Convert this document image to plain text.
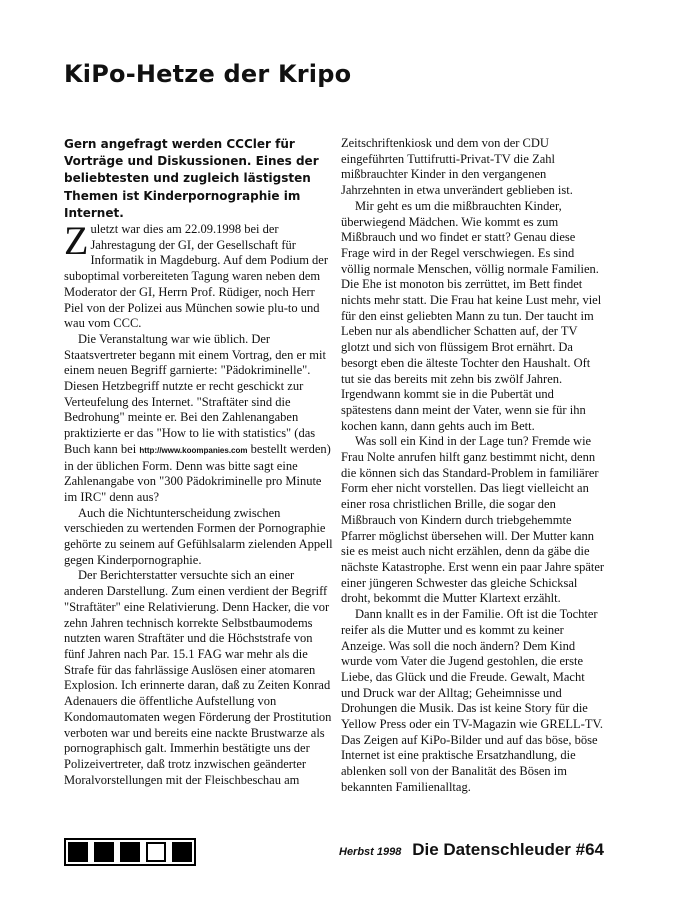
KiPo-Hetze der Kripo

Gern angefragt werden CCCler für Vorträge und Diskussionen. Eines der beliebtesten und zugleich lästigsten Themen ist Kinderpornographie im Internet.

Zuletzt war dies am 22.09.1998 bei der Jahrestagung der GI, der Gesellschaft für Informatik in Magdeburg. Auf dem Podium der suboptimal vorbereiteten Tagung waren neben dem Moderator der GI, Herrn Prof. Rüdiger, noch Herr Piel von der Polizei aus München sowie plu-to und wau vom CCC.

Die Veranstaltung war wie üblich. Der Staatsvertreter begann mit einem Vortrag, den er mit einem neuen Begriff garnierte: "Pädokriminelle". Diesen Hetzbegriff nutzte er recht geschickt zur Verteufelung des Internet. "Straftäter sind die Bedrohung" meinte er. Bei den Zahlenangaben praktizierte er das "How to lie with statistics" (das Buch kann bei http://www.koompanies.com bestellt werden) in der üblichen Form. Denn was bitte sagt eine Zahlenangabe von "300 Pädokriminelle pro Minute im IRC" denn aus?

Auch die Nichtunterscheidung zwischen verschieden zu wertenden Formen der Pornographie gehörte zu seinem auf Gefühlsalarm zielenden Appell gegen Kinderpornographie.

Der Berichterstatter versuchte sich an einer anderen Darstellung. Zum einen verdient der Begriff "Straftäter" eine Relativierung. Denn Hacker, die vor zehn Jahren technisch korrekte Selbstbaumodems nutzten waren Straftäter und die Höchststrafe von fünf Jahren nach Par. 15.1 FAG war mehr als die Strafe für das fahrlässige Auslösen einer atomaren Explosion. Ich erinnerte daran, daß zu Zeiten Konrad Adenauers die öffentliche Aufstellung von Kondomautomaten wegen Förderung der Prostitution verboten war und bereits eine nackte Brustwarze als pornographisch galt. Immerhin bestätigte uns der Polizeivertreter, daß trotz inzwischen geänderter Moralvorstellungen mit der Fleischbeschau am

Zeitschriftenkiosk und dem von der CDU eingeführten Tuttifrutti-Privat-TV die Zahl mißbrauchter Kinder in den vergangenen Jahrzehnten in etwa unverändert geblieben ist.

Mir geht es um die mißbrauchten Kinder, überwiegend Mädchen. Wie kommt es zum Mißbrauch und wo findet er statt? Genau diese Frage wird in der Regel verschwiegen. Es sind völlig normale Menschen, völlig normale Familien. Die Ehe ist monoton bis zerrüttet, im Bett findet nichts mehr statt. Die Frau hat keine Lust mehr, viel für den einst geliebten Mann zu tun. Der taucht im Leben nur als abendlicher Schatten auf, der TV glotzt und sich von flüssigem Brot ernährt. Da besorgt eben die älteste Tochter den Haushalt. Oft tut sie das bereits mit zehn bis zwölf Jahren. Irgendwann kommt sie in die Pubertät und spätestens dann meint der Vater, wenn sie für ihn kochen kann, dann gehts auch im Bett.

Was soll ein Kind in der Lage tun? Fremde wie Frau Nolte anrufen hilft ganz bestimmt nicht, denn die können sich das Standard-Problem in familiärer Form eher nicht vorstellen. Das liegt vielleicht an einer rosa christlichen Brille, die sogar den Mißbrauch von Kindern durch triebgehemmte Pfarrer möglichst übersehen will. Der Mutter kann sie es meist auch nicht erzählen, denn da gäbe die nächste Katastrophe. Erst wenn ein paar Jahre später einer jüngeren Schwester das gleiche Schicksal droht, bekommt die Mutter Klartext erzählt.

Dann knallt es in der Familie. Oft ist die Tochter reifer als die Mutter und es kommt zu keiner Anzeige. Was soll die noch ändern? Dem Kind wurde vom Vater die Jugend gestohlen, die erste Liebe, das Glück und die Freude. Gewalt, Macht und Druck war der Alltag; Geheimnisse und Drohungen die Musik. Das ist keine Story für die Yellow Press oder ein TV-Magazin wie GRELL-TV. Das Zeigen auf KiPo-Bilder und auf das böse, böse Internet ist eine praktische Ersatzhandlung, die ablenken soll von der Banalität des Bösen im bekannten Familienalltag.

Herbst 1998 Die Datenschleuder #64
